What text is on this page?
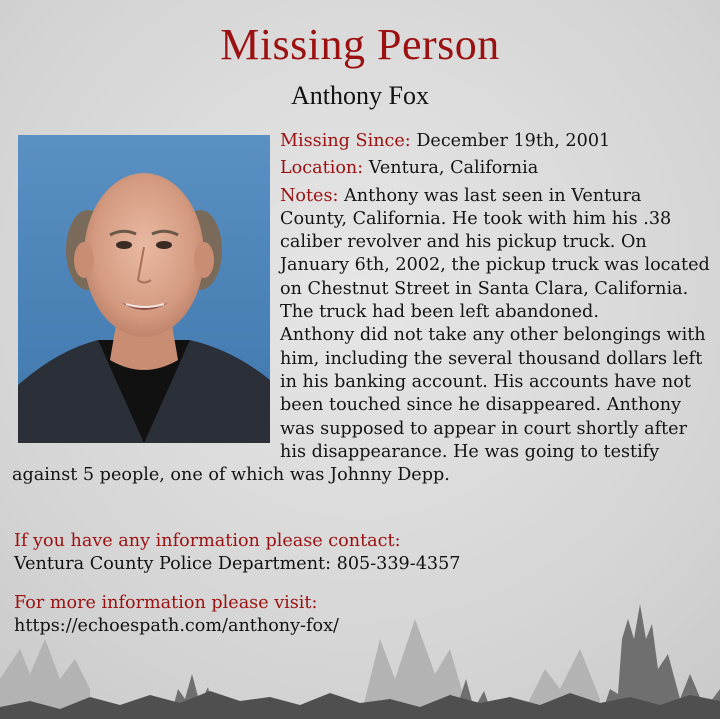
Missing Person
Anthony Fox

Missing Since: December 19th, 2001

Location: Ventura, California

Notes: Anthony was last seen in Ventura County, California. He took with him his .38 caliber revolver and his pickup truck. On January 6th, 2002, the pickup truck was located on Chestnut Street in Santa Clara, California. The truck had been left abandoned.

Anthony did not take any other belongings with him, including the several thousand dollars left in his banking account. His accounts have not been touched since he disappeared. Anthony was supposed to appear in court shortly after his disappearance. He was going to testify against 5 people, one of which was Johnny Depp.

If you have any information please contact:
Ventura County Police Department: 805-339-4357
For more information please visit:
https://echoespath.com/anthony-fox/
